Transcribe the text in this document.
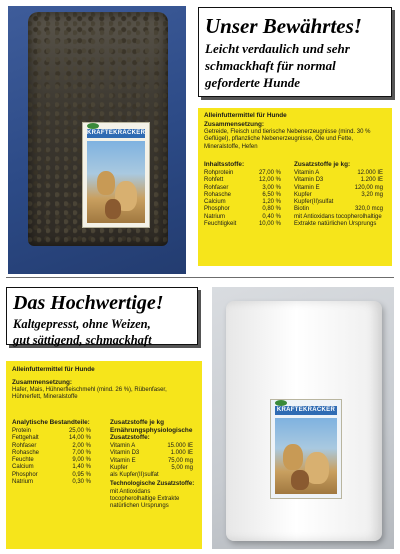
KRAFTEKRÄCKER
Unser Bewährtes!
Leicht verdaulich und sehr
schmackhaft für normal
geforderte Hunde
Alleinfuttermittel für Hunde
Zusammensetzung:
Getreide, Fleisch und tierische Nebenerzeugnisse (mind. 30 % Geflügel), pflanzliche Nebenerzeugnisse, Öle und Fette, Mineralstoffe, Hefen
Inhaltsstoffe:
Rohprotein	27,00 %
Rohfett	12,00 %
Rohfaser	3,00 %
Rohasche	6,50 %
Calcium	1,20 %
Phosphor	0,80 %
Natrium	0,40 %
Feuchtigkeit	10,00 %
Zusatzstoffe je kg:
Vitamin A	12.000 IE
Vitamin D3	1.200 IE
Vitamin E	120,00 mg
Kupfer	3,20 mg
Kupfer(II)sulfat	
Biotin	320,0 mcg
mit Antioxidans tocopherolhaltige Extrakte natürlichen Ursprungs
Das Hochwertige!
Kaltgepresst, ohne Weizen,
gut sättigend, schmackhaft
Alleinfuttermittel für Hunde
Zusammensetzung:
Hafer, Mais, Hühnerfleischmehl (mind. 26 %), Rübenfaser, Hühnerfett, Mineralstoffe
Analytische Bestandteile:
Protein	25,00 %
Fettgehalt	14,00 %
Rohfaser	2,00 %
Rohasche	7,00 %
Feuchte	9,00 %
Calcium	1,40 %
Phosphor	0,95 %
Natrium	0,30 %
Zusatzstoffe je kg
Ernährungsphysiologische Zusatzstoffe:
Vitamin A	15.000 IE
Vitamin D3	1.000 IE
Vitamin E	75,00 mg
Kupfer	5,00 mg
als Kupfer(II)sulfat
Technologische Zusatzstoffe:
mit Antioxidans tocopherolhaltige Extrakte natürlichen Ursprungs
KRAFTEKRÄCKER
